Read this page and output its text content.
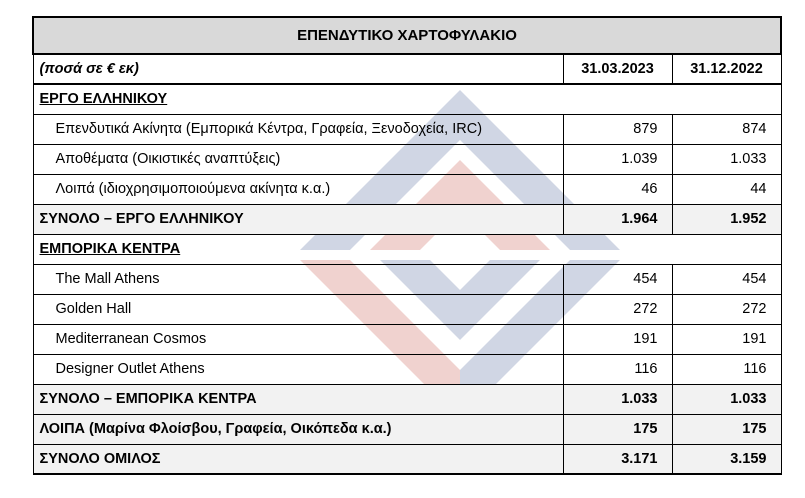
ΕΠΕΝΔΥΤΙΚΟ ΧΑΡΤΟΦΥΛΑΚΙΟ		
(ποσά σε € εκ)	31.03.2023	31.12.2022
ΕΡΓΟ ΕΛΛΗΝΙΚΟΥ		
Επενδυτικά Ακίνητα (Εμπορικά Κέντρα, Γραφεία, Ξενοδοχεία, IRC)	879	874
Αποθέματα (Οικιστικές αναπτύξεις)	1.039	1.033
Λοιπά (ιδιοχρησιμοποιούμενα ακίνητα κ.α.)	46	44
ΣΥΝΟΛΟ – ΕΡΓΟ ΕΛΛΗΝΙΚΟΥ	1.964	1.952
ΕΜΠΟΡΙΚΑ ΚΕΝΤΡΑ		
The Mall Athens	454	454
Golden Hall	272	272
Mediterranean Cosmos	191	191
Designer Outlet Athens	116	116
ΣΥΝΟΛΟ – ΕΜΠΟΡΙΚΑ ΚΕΝΤΡΑ	1.033	1.033
ΛΟΙΠΑ (Μαρίνα Φλοίσβου, Γραφεία, Οικόπεδα κ.α.)	175	175
ΣΥΝΟΛΟ ΟΜΙΛΟΣ	3.171	3.159
